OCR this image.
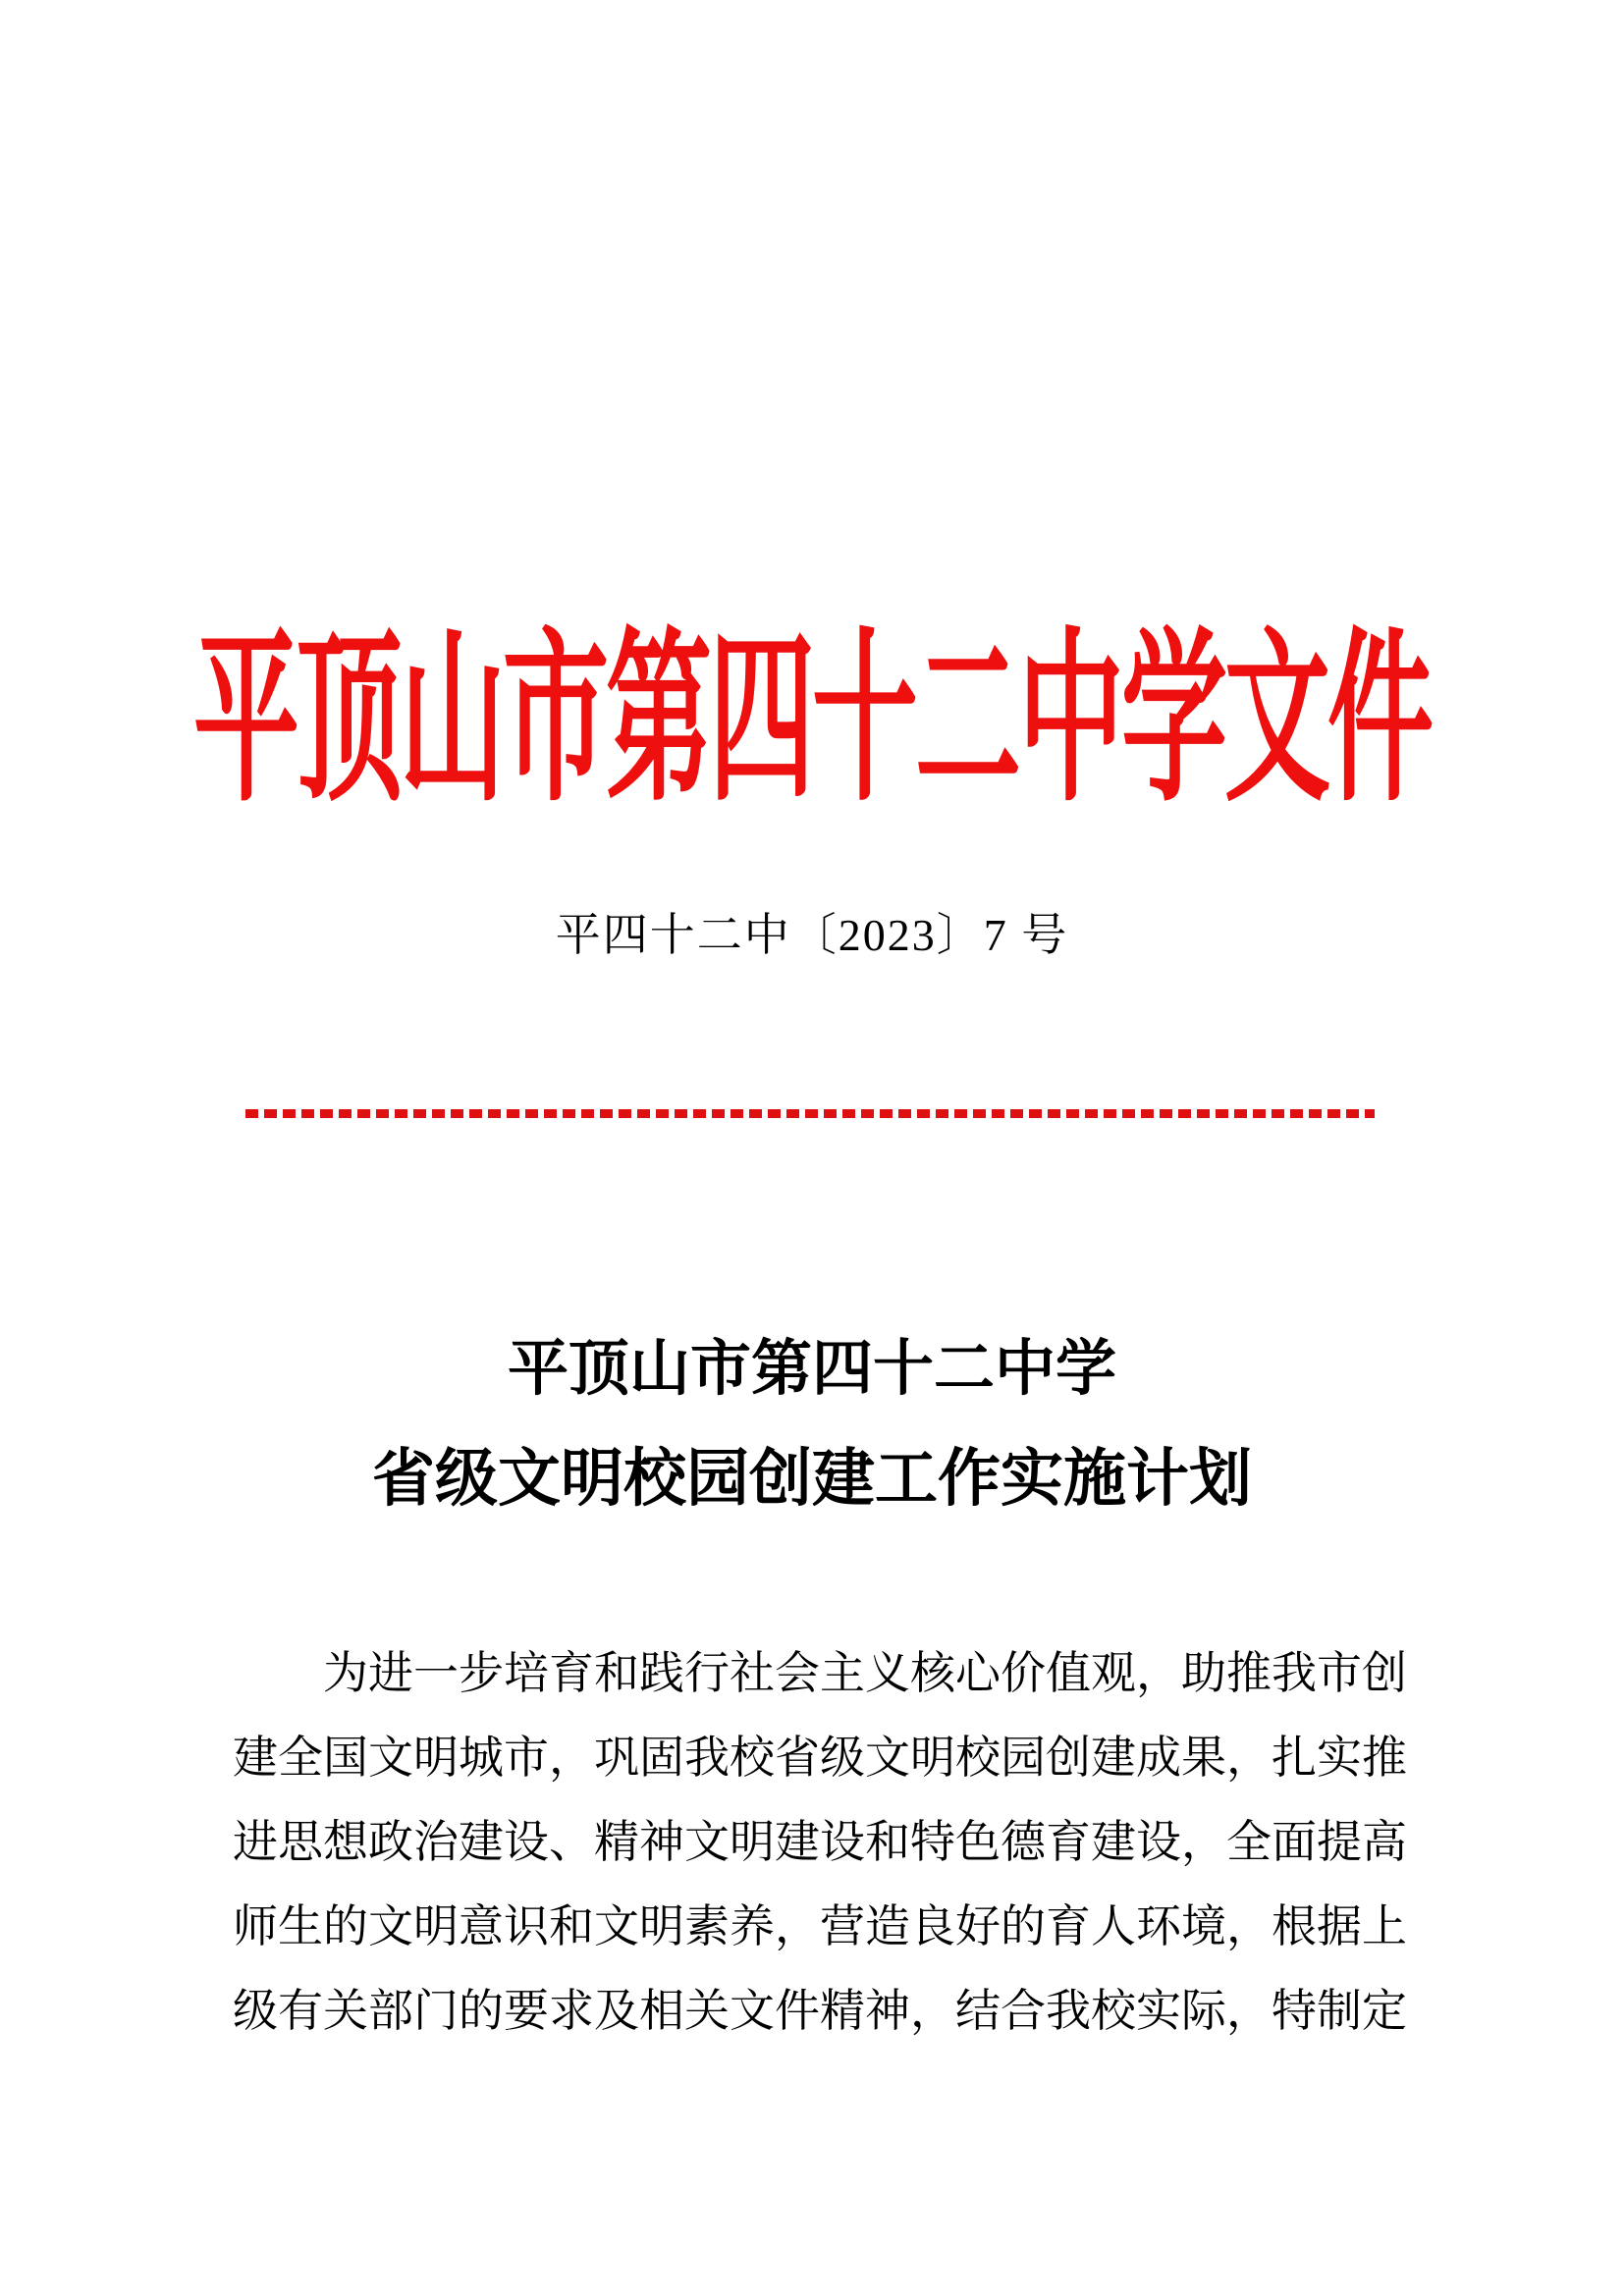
平顶山市第四十二中学文件
平四十二中〔2023〕7 号
平顶山市第四十二中学
省级文明校园创建工作实施计划
　　为进一步培育和践行社会主义核心价值观，助推我市创
建全国文明城市，巩固我校省级文明校园创建成果，扎实推
进思想政治建设、精神文明建设和特色德育建设，全面提高
师生的文明意识和文明素养，营造良好的育人环境，根据上
级有关部门的要求及相关文件精神，结合我校实际，特制定
